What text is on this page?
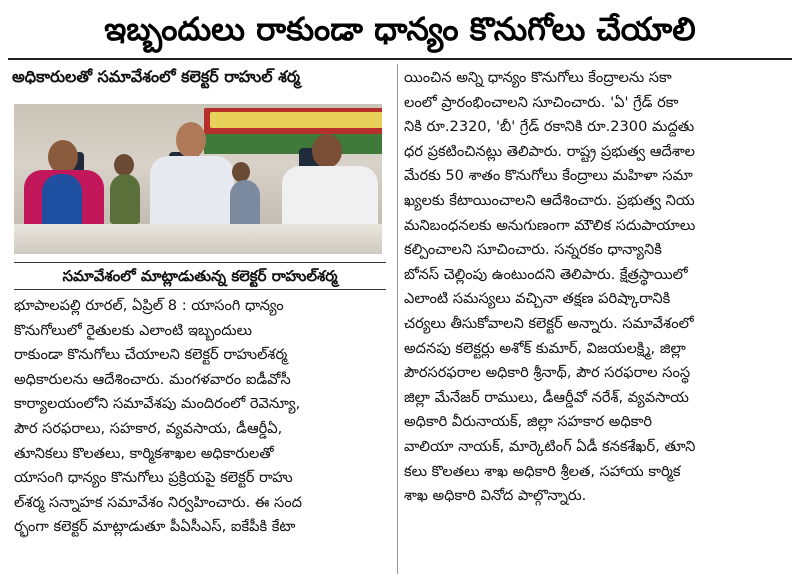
ఇబ్బందులు రాకుండా ధాన్యం కొనుగోలు చేయాలి
అధికారులతో సమావేశంలో కలెక్టర్ రాహుల్ శర్మ
సమావేశంలో మాట్లాడుతున్న కలెక్టర్ రాహుల్‌శర్మ
భూపాలపల్లి రూరల్, ఏప్రిల్ 8 : యాసంగి ధాన్యం
కొనుగోలులో రైతులకు ఎలాంటి ఇబ్బందులు
రాకుండా కొనుగోలు చేయాలని కలెక్టర్ రాహుల్‌శర్మ
అధికారులను ఆదేశించారు. మంగళవారం ఐడీవోసీ
కార్యాలయంలోని సమావేశపు మందిరంలో రెవెన్యూ,
పౌర సరఫరాలు, సహకార, వ్యవసాయ, డీఆర్డీఏ,
తూనికలు కొలతలు, కార్మికశాఖల అధికారులతో
యాసంగి ధాన్యం కొనుగోలు ప్రక్రియపై కలెక్టర్ రాహు
ల్‌శర్మ సన్నాహక సమావేశం నిర్వహించారు. ఈ సంద
ర్భంగా కలెక్టర్ మాట్లాడుతూ పీఏసీఎస్, ఐకేపీకి కేటా
యించిన అన్ని ధాన్యం కొనుగోలు కేంద్రాలను సకా
లంలో ప్రారంభించాలని సూచించారు. 'ఏ' గ్రేడ్ రకా
నికి రూ.2320, 'బీ' గ్రేడ్ రకానికి రూ.2300 మద్దతు
ధర ప్రకటించినట్లు తెలిపారు. రాష్ట్ర ప్రభుత్వ ఆదేశాల
మేరకు 50 శాతం కొనుగోలు కేంద్రాలు మహిళా సమా
ఖ్యలకు కేటాయించాలని ఆదేశించారు. ప్రభుత్వ నియ
మనిబంధనలకు అనుగుణంగా మౌలిక సదుపాయాలు
కల్పించాలని సూచించారు. సన్నరకం ధాన్యానికి
బోనస్ చెల్లింపు ఉంటుందని తెలిపారు. క్షేత్రస్థాయిలో
ఎలాంటి సమస్యలు వచ్చినా తక్షణ పరిష్కారానికి
చర్యలు తీసుకోవాలని కలెక్టర్ అన్నారు. సమావేశంలో
అదనపు కలెక్టర్లు అశోక్ కుమార్, విజయలక్ష్మి, జిల్లా
పౌరసరఫరాల అధికారి శ్రీనాథ్, పౌర సరఫరాల సంస్థ
జిల్లా మేనేజర్ రాములు, డీఆర్డీవో నరేశ్, వ్యవసాయ
అధికారి వీరునాయక్, జిల్లా సహకార అధికారి
వాలియా నాయక్, మార్కెటింగ్ ఏడీ కనకశేఖర్, తూని
కలు కొలతలు శాఖ అధికారి శ్రీలత, సహాయ కార్మిక
శాఖ అధికారి వినోద పాల్గొన్నారు.
